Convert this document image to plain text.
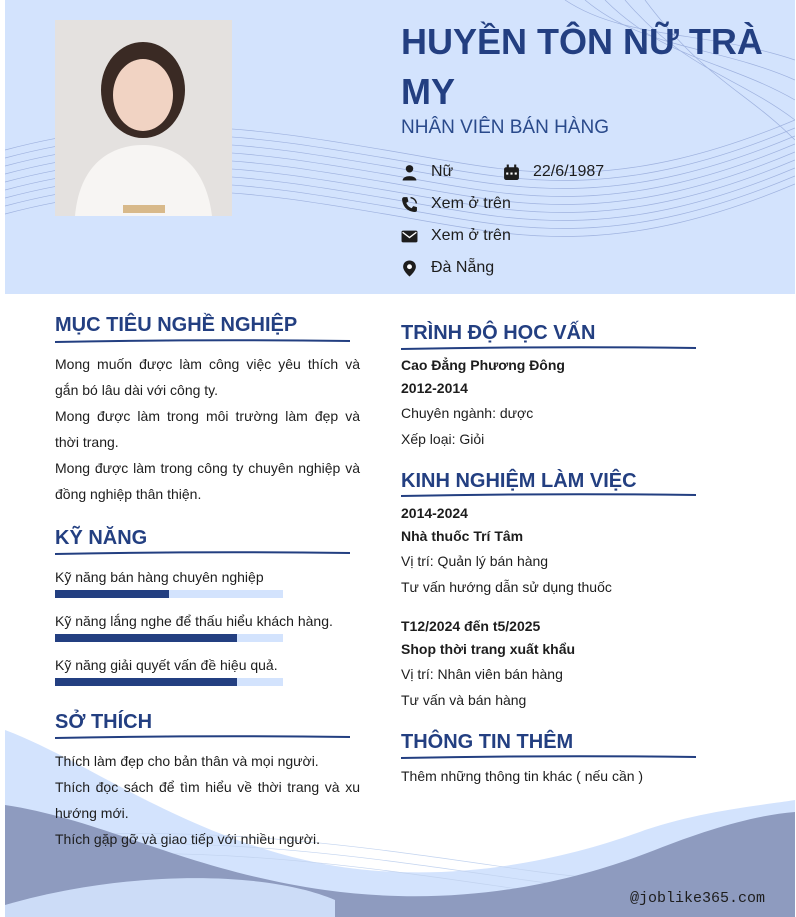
HUYỀN TÔN NỮ TRÀ MY
NHÂN VIÊN BÁN HÀNG
Nữ	22/6/1987
Xem ở trên
Xem ở trên
Đà Nẵng
MỤC TIÊU NGHỀ NGHIỆP

Mong muốn được làm công việc yêu thích và gắn bó lâu dài với công ty.

Mong được làm trong môi trường làm đẹp và thời trang.

Mong được làm trong công ty chuyên nghiệp và đồng nghiệp thân thiện.

KỸ NĂNG
Kỹ năng bán hàng chuyên nghiệp
Kỹ năng lắng nghe để thấu hiểu khách hàng.
Kỹ năng giải quyết vấn đề hiệu quả.
SỞ THÍCH

Thích làm đẹp cho bản thân và mọi người.

Thích đọc sách để tìm hiểu về thời trang và xu hướng mới.

Thích gặp gỡ và giao tiếp với nhiều người.

TRÌNH ĐỘ HỌC VẤN

Cao Đẳng Phương Đông

2012-2014

Chuyên ngành: dược

Xếp loại: Giỏi

KINH NGHIỆM LÀM VIỆC

2014-2024

Nhà thuốc Trí Tâm

Vị trí: Quản lý bán hàng

Tư vấn hướng dẫn sử dụng thuốc

T12/2024 đến t5/2025

Shop thời trang xuất khẩu

Vị trí: Nhân viên bán hàng

Tư vấn và bán hàng

THÔNG TIN THÊM
Thêm những thông tin khác ( nếu cần )
@joblike365.com
